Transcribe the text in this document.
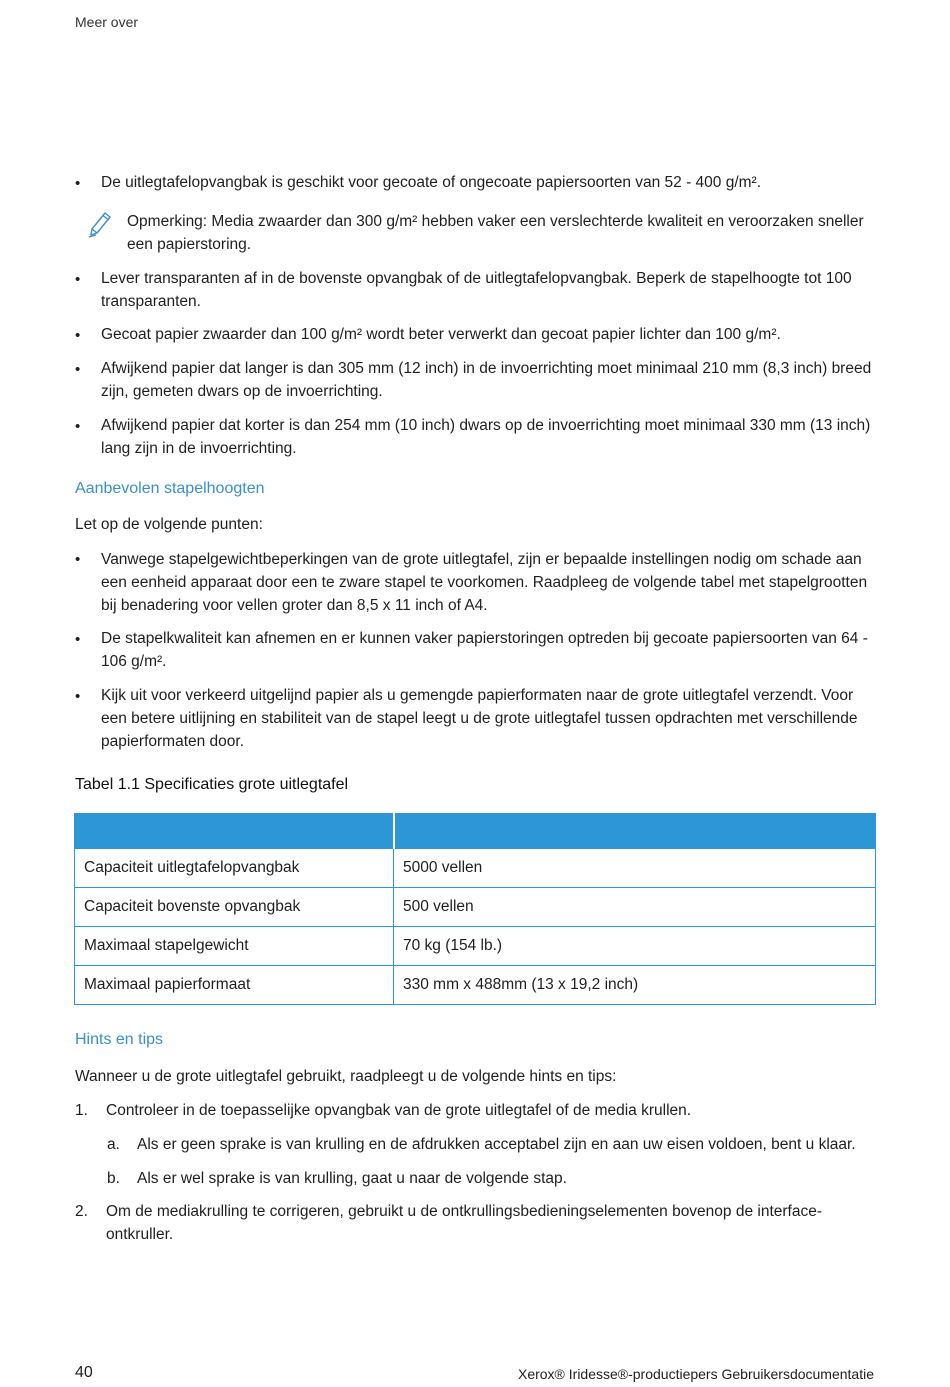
Meer over
•	De uitlegtafelopvangbak is geschikt voor gecoate of ongecoate papiersoorten van 52 - 400 g/m².
Opmerking: Media zwaarder dan 300 g/m² hebben vaker een verslechterde kwaliteit en veroorzaken sneller een papierstoring.
•	Lever transparanten af in de bovenste opvangbak of de uitlegtafelopvangbak. Beperk de stapelhoogte tot 100 transparanten.
•	Gecoat papier zwaarder dan 100 g/m² wordt beter verwerkt dan gecoat papier lichter dan 100 g/m².
•	Afwijkend papier dat langer is dan 305 mm (12 inch) in de invoerrichting moet minimaal 210 mm (8,3 inch) breed zijn, gemeten dwars op de invoerrichting.
•	Afwijkend papier dat korter is dan 254 mm (10 inch) dwars op de invoerrichting moet minimaal 330 mm (13 inch) lang zijn in de invoerrichting.
Aanbevolen stapelhoogten
Let op de volgende punten:
•	Vanwege stapelgewichtbeperkingen van de grote uitlegtafel, zijn er bepaalde instellingen nodig om schade aan een eenheid apparaat door een te zware stapel te voorkomen. Raadpleeg de volgende tabel met stapelgrootten bij benadering voor vellen groter dan 8,5 x 11 inch of A4.
•	De stapelkwaliteit kan afnemen en er kunnen vaker papierstoringen optreden bij gecoate papiersoorten van 64 - 106 g/m².
•	Kijk uit voor verkeerd uitgelijnd papier als u gemengde papierformaten naar de grote uitlegtafel verzendt. Voor een betere uitlijning en stabiliteit van de stapel leegt u de grote uitlegtafel tussen opdrachten met verschillende papierformaten door.
Tabel 1.1 Specificaties grote uitlegtafel

Capaciteit uitlegtafelopvangbak	5000 vellen
Capaciteit bovenste opvangbak	500 vellen
Maximaal stapelgewicht	70 kg (154 lb.)
Maximaal papierformaat	330 mm x 488mm (13 x 19,2 inch)
Hints en tips
Wanneer u de grote uitlegtafel gebruikt, raadpleegt u de volgende hints en tips:
1. Controleer in de toepasselijke opvangbak van de grote uitlegtafel of de media krullen.
a. Als er geen sprake is van krulling en de afdrukken acceptabel zijn en aan uw eisen voldoen, bent u klaar.
b. Als er wel sprake is van krulling, gaat u naar de volgende stap.
2. Om de mediakrulling te corrigeren, gebruikt u de ontkrullingsbedieningselementen bovenop de interface-ontkruller.
40	Xerox® Iridesse®-productiepers Gebruikersdocumentatie
